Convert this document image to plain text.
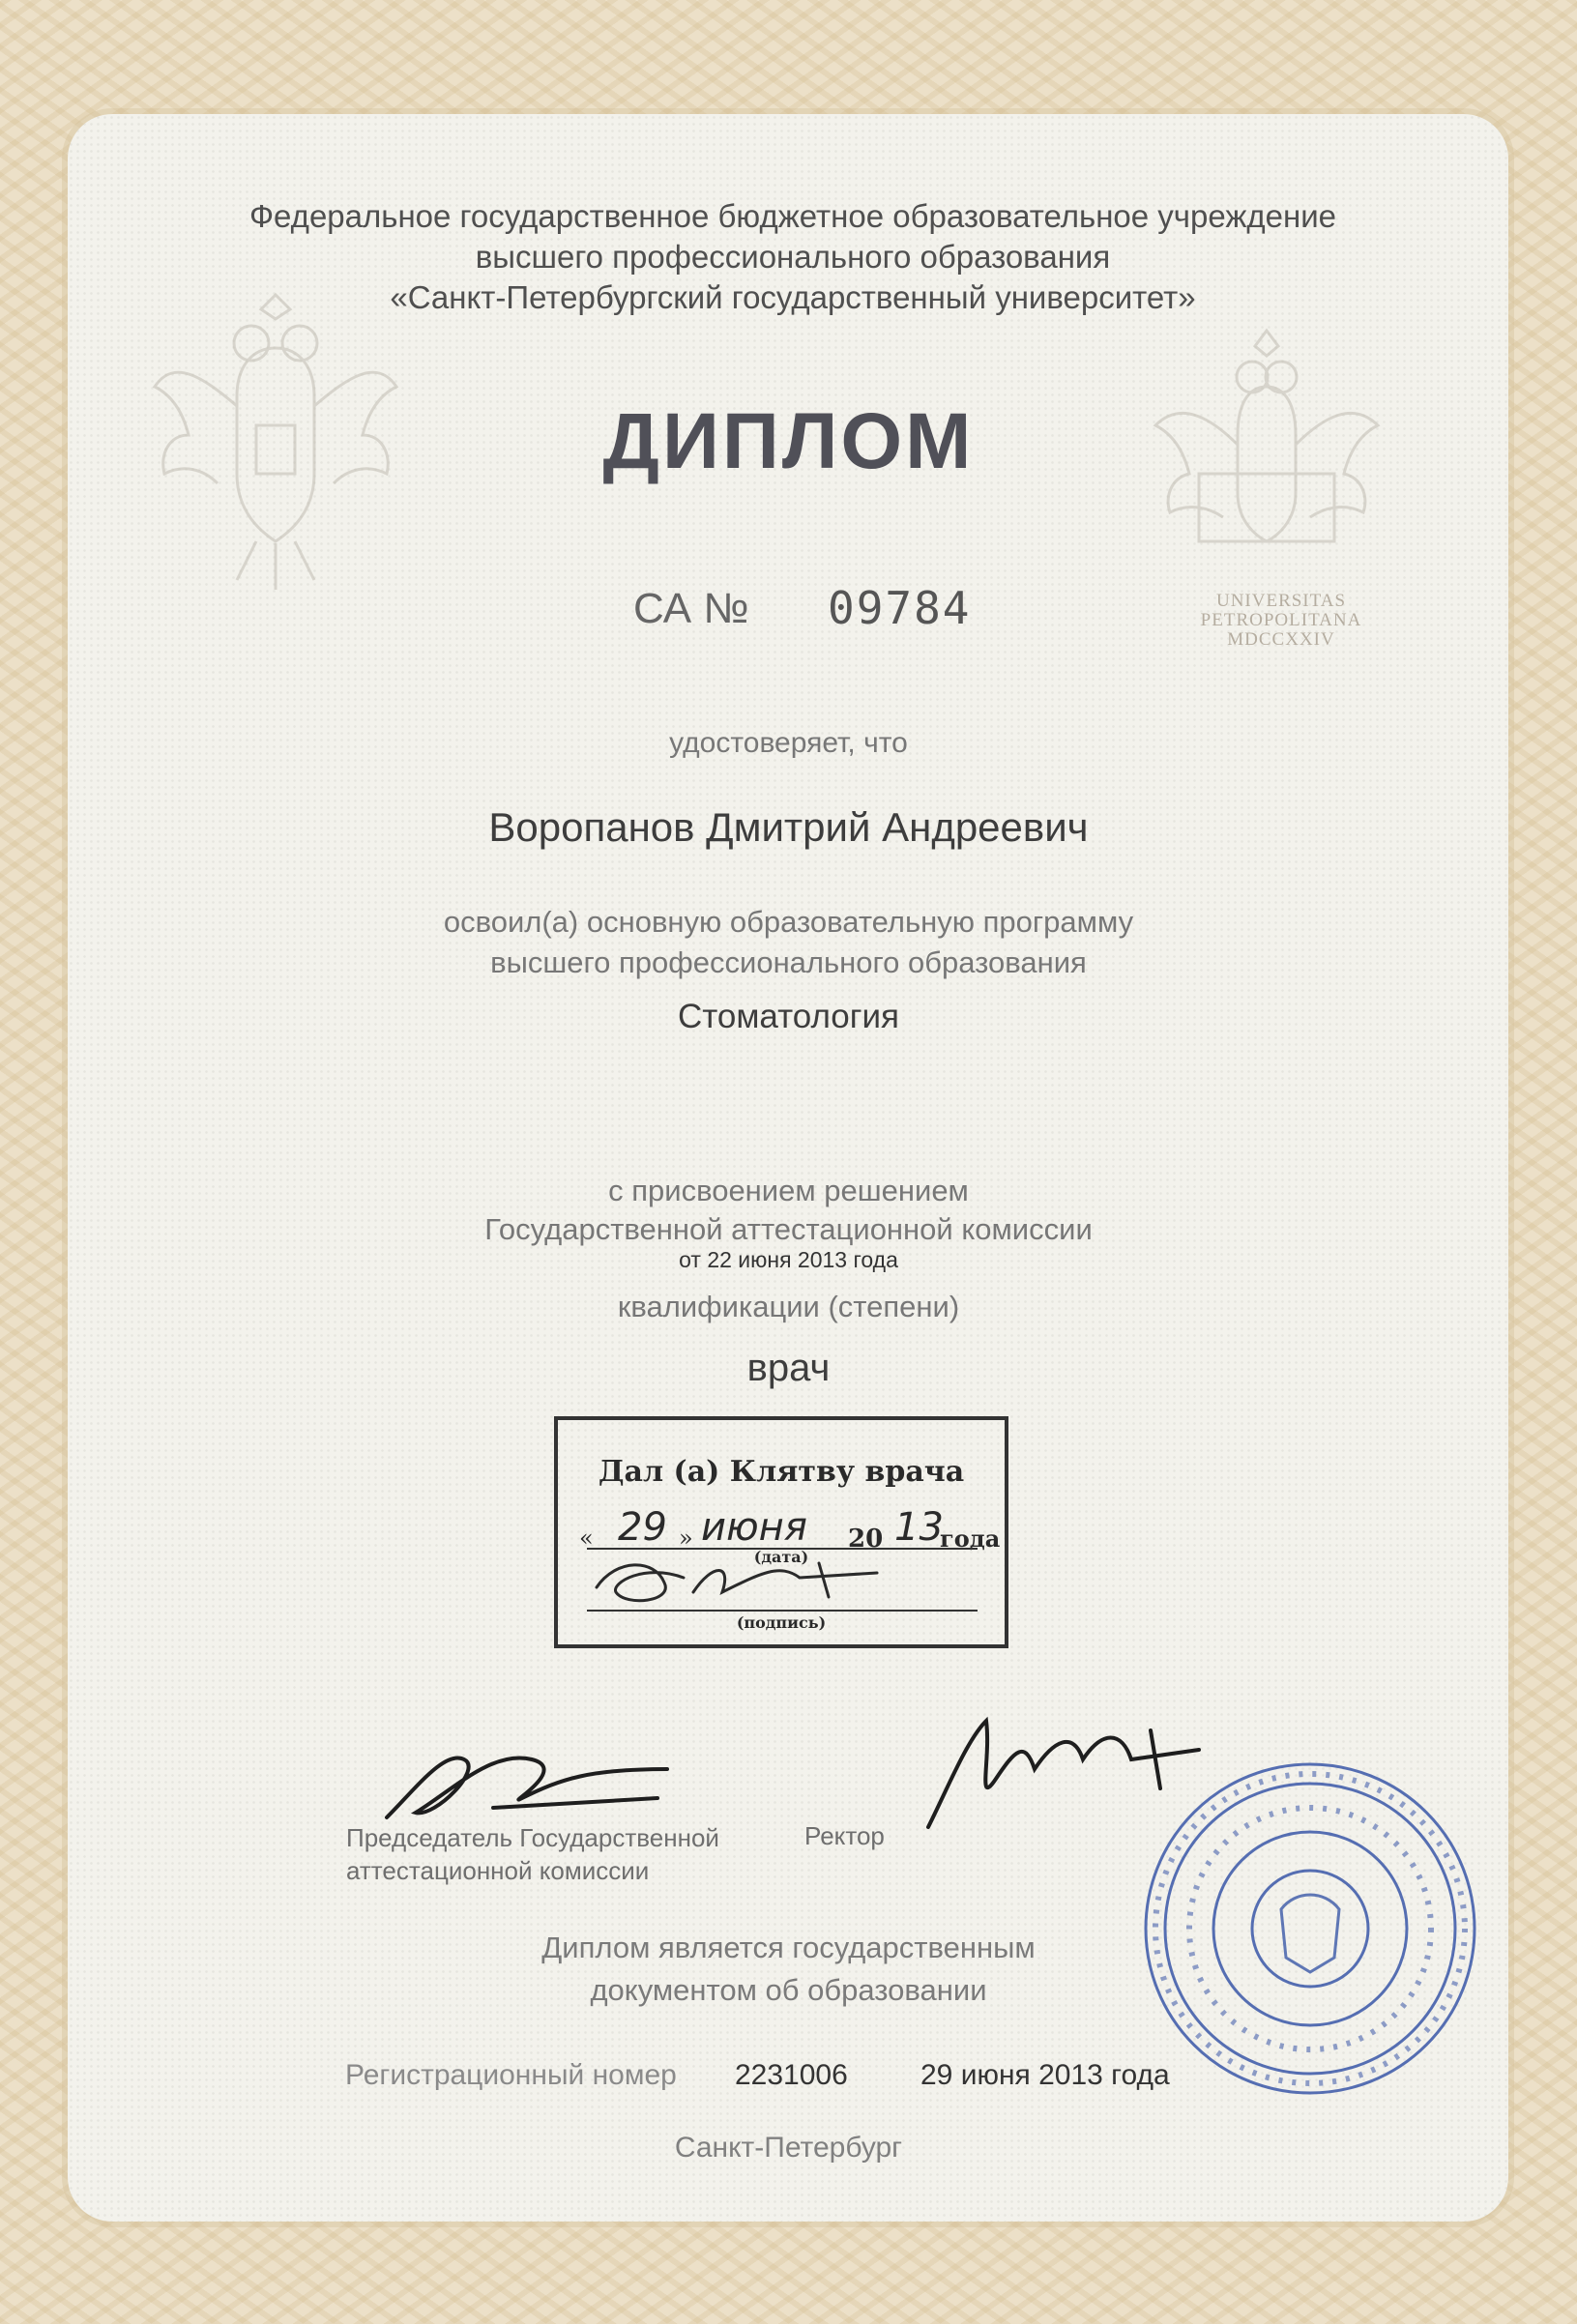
UNIVERSITAS
PETROPOLITANA
MDCCXXIV
Федеральное государственное бюджетное образовательное учреждение
высшего профессионального образования
«Санкт-Петербургский государственный университет»
ДИПЛОМ
СА № 09784
удостоверяет, что
Воропанов Дмитрий Андреевич
освоил(а) основную образовательную программу
высшего профессионального образования
Стоматология
с присвоением решением
Государственной аттестационной комиссии
от 22 июня 2013 года
квалификации (степени)
врач
Дал (а) Клятву врача
« 29 » июня 20 13
года
(дата)
(подпись)
Председатель Государственной
аттестационной комиссии
Ректор
Диплом является государственным
документом об образовании
Регистрационный номер 2231006	29 июня 2013 года
Санкт-Петербург
